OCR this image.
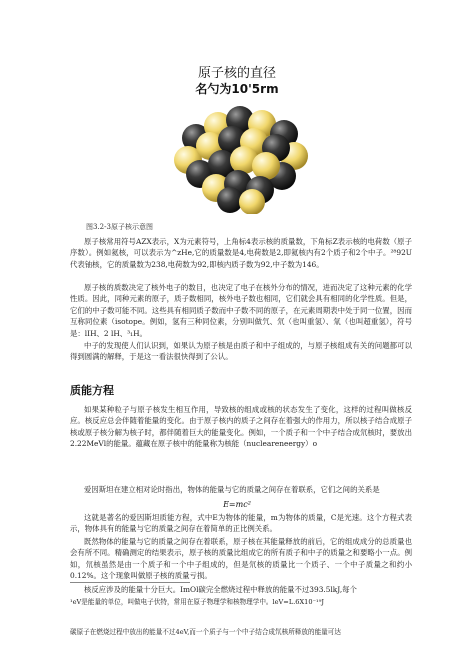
原子核的直径
名勺为10'5rm
图3.2-3原子核示意图

原子核常用符号AZX表示，X为元素符号，上角标4表示核的质量数，下角标Z表示核的电荷数（原子序数）。例如氦核，可以表示为^zHe,它的质量数是4,电荷数是2,即氦核内有2个质子和2个中子。²⁸92U代表铀核，它的质量数为238,电荷数为92,即核内质子数为92,中子数为146。

原子核的质数决定了核外电子的数目，也决定了电子在核外分布的情况，进而决定了这种元素的化学性质。因此，同种元素的原子，质子数相同，核外电子数也相同，它们就会具有相同的化学性质。但是，它们的中子数可能不同。这些具有相同质子数而中子数不同的原子，在元素周期表中处于同一位置，因而互称同位素（isotope。例如，氢有三种同位素，分别叫做氕、氘（也叫重氢）、氚（也叫超重氢），符号是：lIH、2 lH、³₁H。

中子的发现使人们认识到，如果认为原子核是由质子和中子组成的，与原子核组成有关的问题都可以得到圆满的解释，于是这一看法很快得到了公认。

质能方程

如果某种粒子与原子核发生相互作用，导致核的组成或核的状态发生了变化，这样的过程叫做核反应。核反应总会伴随着能量的变化。由于原子核内的质子之间存在着强大的作用力，所以核子结合成原子核或原子核分解为核子时，都伴随着巨大的能量变化。例如，一个质子和一个中子结合成氘核时，要放出2.22MeVl的能量。蕴藏在原子核中的能量称为核能（nucleareneergy）o

爱因斯坦在建立相对论时指出，物体的能量与它的质量之间存在着联系，它们之间的关系是

E=mc²

这就是著名的爱因斯坦质能方程，式中E为物体的能量，m为物体的质量，C是光速。这个方程式表示，物体具有的能量与它的质量之间存在着简单的正比例关系。

既然物体的能量与它的质量之间存在着联系，原子核在其能量释放的前后，它的组成成分的总质量也会有所不同。精确测定的结果表示，原子核的质量比组成它的所有质子和中子的质量之和要略小一点。例如，氘核虽然是由一个质子和一个中子组成的，但是氘核的质量比一个质子、一个中子质量之和约小0.12%。这个现象叫做原子核的质量亏损。

核反应涉及的能量十分巨大。ImOl碳完全燃烧过程中释放的能量不过393.5lkJ,每个

¹eV是能量的单位，叫做电子伏特，常用在原子物理学和核物理学中。leV=L.6X10⁻¹⁹J

碳原子在燃烧过程中放出的能量不过4eV,而一个质子与一个中子结合成氘核所释放的能量可达
